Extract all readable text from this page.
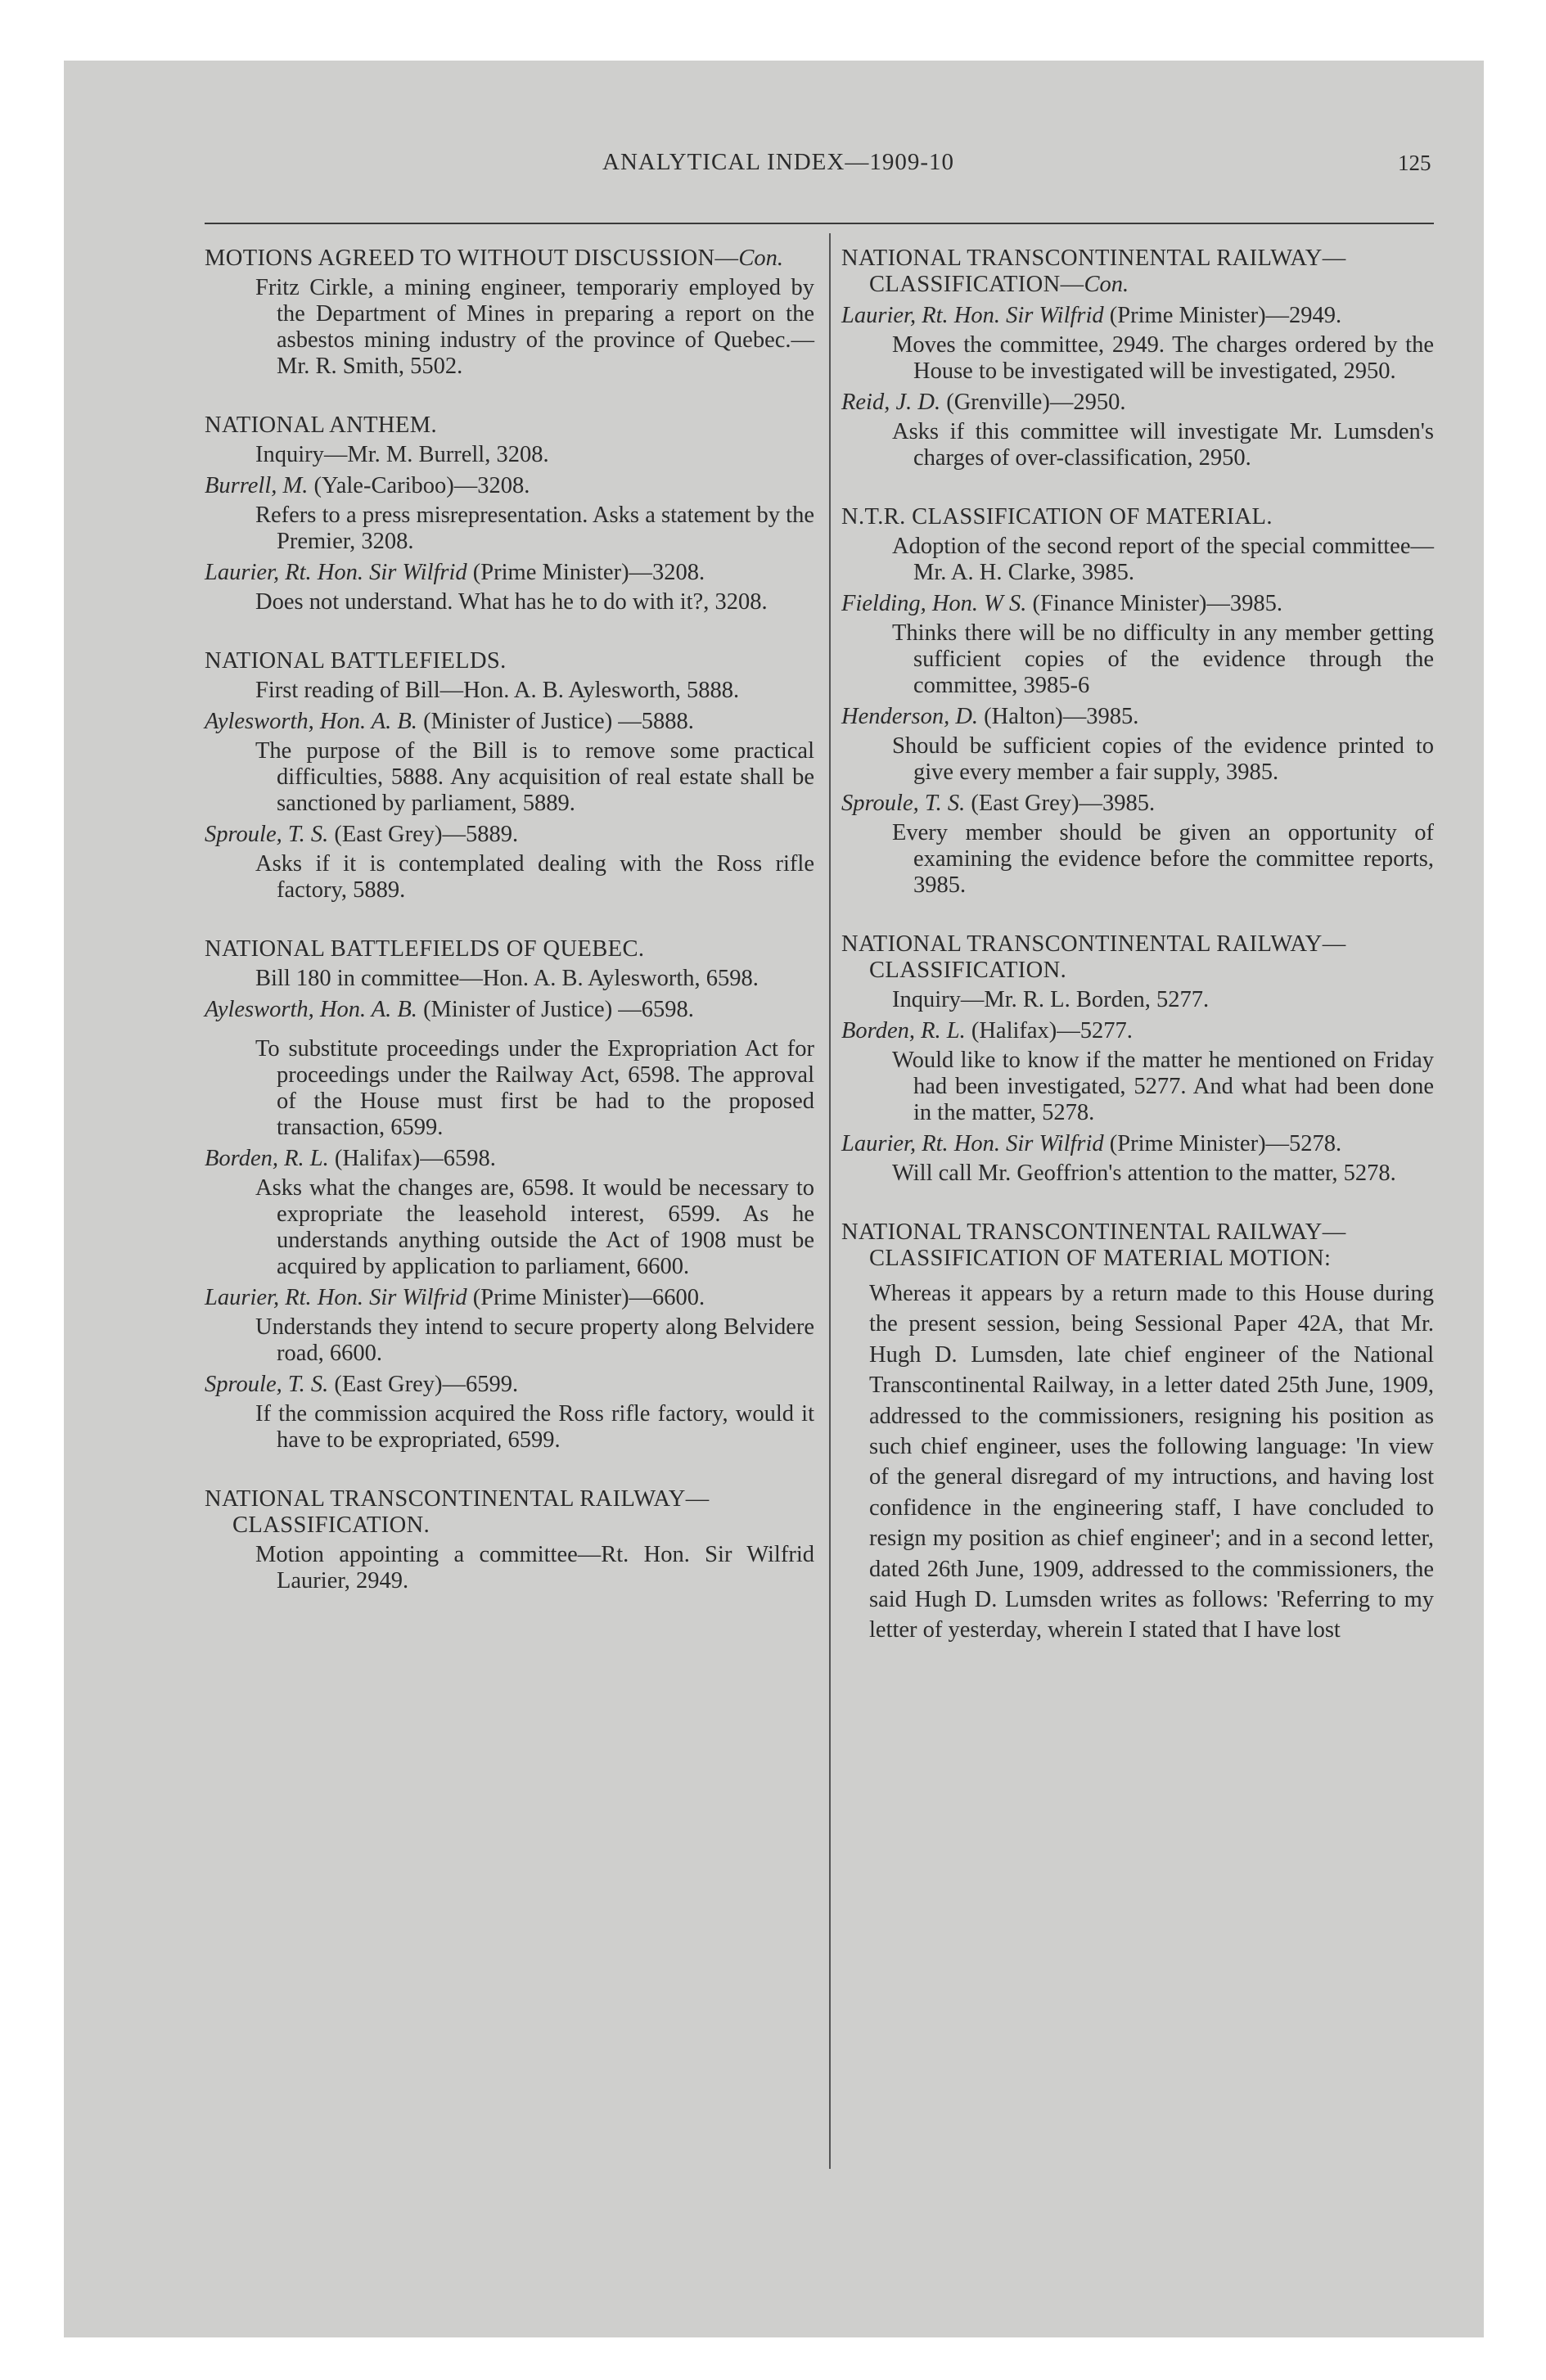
ANALYTICAL INDEX—1909-10	125

MOTIONS AGREED TO WITHOUT DISCUSSION—Con.

Fritz Cirkle, a mining engineer, temporariy employed by the Department of Mines in preparing a report on the asbestos mining industry of the province of Quebec.—Mr. R. Smith, 5502.

NATIONAL ANTHEM.

Inquiry—Mr. M. Burrell, 3208.

Burrell, M. (Yale-Cariboo)—3208.

Refers to a press misrepresentation. Asks a statement by the Premier, 3208.

Laurier, Rt. Hon. Sir Wilfrid (Prime Minister)—3208.

Does not understand. What has he to do with it?, 3208.

NATIONAL BATTLEFIELDS.

First reading of Bill—Hon. A. B. Aylesworth, 5888.

Aylesworth, Hon. A. B. (Minister of Justice) —5888.

The purpose of the Bill is to remove some practical difficulties, 5888. Any acquisition of real estate shall be sanctioned by parliament, 5889.

Sproule, T. S. (East Grey)—5889.

Asks if it is contemplated dealing with the Ross rifle factory, 5889.

NATIONAL BATTLEFIELDS OF QUEBEC.

Bill 180 in committee—Hon. A. B. Aylesworth, 6598.

Aylesworth, Hon. A. B. (Minister of Justice) —6598.

To substitute proceedings under the Expropriation Act for proceedings under the Railway Act, 6598. The approval of the House must first be had to the proposed transaction, 6599.

Borden, R. L. (Halifax)—6598.

Asks what the changes are, 6598. It would be necessary to expropriate the leasehold interest, 6599. As he understands anything outside the Act of 1908 must be acquired by application to parliament, 6600.

Laurier, Rt. Hon. Sir Wilfrid (Prime Minister)—6600.

Understands they intend to secure property along Belvidere road, 6600.

Sproule, T. S. (East Grey)—6599.

If the commission acquired the Ross rifle factory, would it have to be expropriated, 6599.

NATIONAL TRANSCONTINENTAL RAILWAY—CLASSIFICATION.

Motion appointing a committee—Rt. Hon. Sir Wilfrid Laurier, 2949.

NATIONAL TRANSCONTINENTAL RAILWAY—CLASSIFICATION—Con.

Laurier, Rt. Hon. Sir Wilfrid (Prime Minister)—2949.

Moves the committee, 2949. The charges ordered by the House to be investigated will be investigated, 2950.

Reid, J. D. (Grenville)—2950.

Asks if this committee will investigate Mr. Lumsden's charges of over-classification, 2950.

N.T.R. CLASSIFICATION OF MATERIAL.

Adoption of the second report of the special committee—Mr. A. H. Clarke, 3985.

Fielding, Hon. W S. (Finance Minister)—3985.

Thinks there will be no difficulty in any member getting sufficient copies of the evidence through the committee, 3985-6

Henderson, D. (Halton)—3985.

Should be sufficient copies of the evidence printed to give every member a fair supply, 3985.

Sproule, T. S. (East Grey)—3985.

Every member should be given an opportunity of examining the evidence before the committee reports, 3985.

NATIONAL TRANSCONTINENTAL RAILWAY—CLASSIFICATION.

Inquiry—Mr. R. L. Borden, 5277.

Borden, R. L. (Halifax)—5277.

Would like to know if the matter he mentioned on Friday had been investigated, 5277. And what had been done in the matter, 5278.

Laurier, Rt. Hon. Sir Wilfrid (Prime Minister)—5278.

Will call Mr. Geoffrion's attention to the matter, 5278.

NATIONAL TRANSCONTINENTAL RAILWAY—CLASSIFICATION OF MATERIAL MOTION:

Whereas it appears by a return made to this House during the present session, being Sessional Paper 42A, that Mr. Hugh D. Lumsden, late chief engineer of the National Transcontinental Railway, in a letter dated 25th June, 1909, addressed to the commissioners, resigning his position as such chief engineer, uses the following language: 'In view of the general disregard of my intructions, and having lost confidence in the engineering staff, I have concluded to resign my position as chief engineer'; and in a second letter, dated 26th June, 1909, addressed to the commissioners, the said Hugh D. Lumsden writes as follows: 'Referring to my letter of yesterday, wherein I stated that I have lost
